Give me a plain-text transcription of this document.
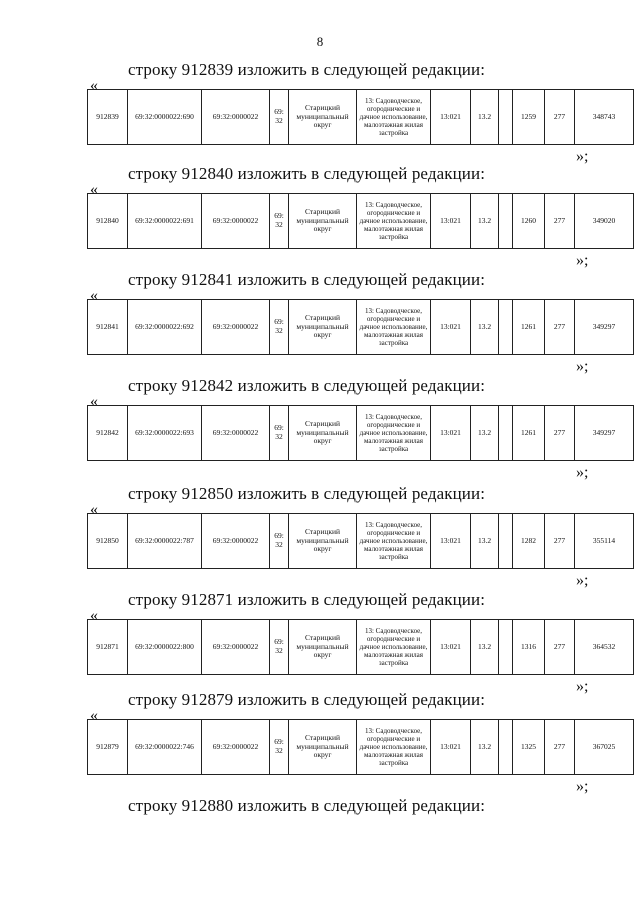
8
строку 912839 изложить в следующей редакции:
«
912839	69:32:0000022:690	69:32:0000022	69:
32	Старицкий муниципальный округ	13: Садоводческое, огороднические и дачное использование, малоэтажная жилая застройка	13:021	13.2		1259	277	348743
»;
строку 912840 изложить в следующей редакции:
«
912840	69:32:0000022:691	69:32:0000022	69:
32	Старицкий муниципальный округ	13: Садоводческое, огороднические и дачное использование, малоэтажная жилая застройка	13:021	13.2		1260	277	349020
»;
строку 912841 изложить в следующей редакции:
«
912841	69:32:0000022:692	69:32:0000022	69:
32	Старицкий муниципальный округ	13: Садоводческое, огороднические и дачное использование, малоэтажная жилая застройка	13:021	13.2		1261	277	349297
»;
строку 912842 изложить в следующей редакции:
«
912842	69:32:0000022:693	69:32:0000022	69:
32	Старицкий муниципальный округ	13: Садоводческое, огороднические и дачное использование, малоэтажная жилая застройка	13:021	13.2		1261	277	349297
»;
строку 912850 изложить в следующей редакции:
«
912850	69:32:0000022:787	69:32:0000022	69:
32	Старицкий муниципальный округ	13: Садоводческое, огороднические и дачное использование, малоэтажная жилая застройка	13:021	13.2		1282	277	355114
»;
строку 912871 изложить в следующей редакции:
«
912871	69:32:0000022:800	69:32:0000022	69:
32	Старицкий муниципальный округ	13: Садоводческое, огороднические и дачное использование, малоэтажная жилая застройка	13:021	13.2		1316	277	364532
»;
строку 912879 изложить в следующей редакции:
«
912879	69:32:0000022:746	69:32:0000022	69:
32	Старицкий муниципальный округ	13: Садоводческое, огороднические и дачное использование, малоэтажная жилая застройка	13:021	13.2		1325	277	367025
»;
строку 912880 изложить в следующей редакции:
